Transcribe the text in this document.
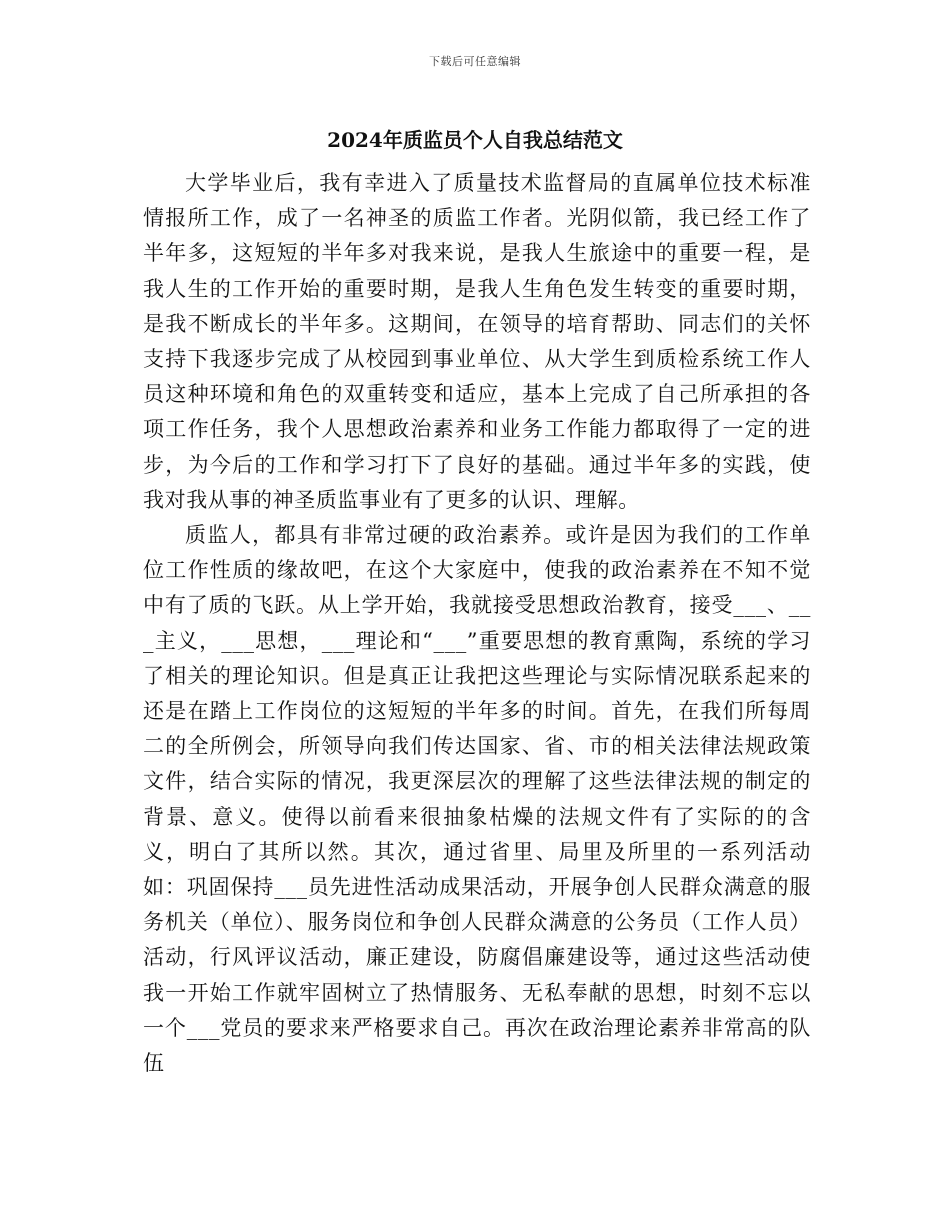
下载后可任意编辑
2024年质监员个人自我总结范文

大学毕业后，我有幸进入了质量技术监督局的直属单位技术标准情报所工作，成了一名神圣的质监工作者。光阴似箭，我已经工作了半年多，这短短的半年多对我来说，是我人生旅途中的重要一程，是我人生的工作开始的重要时期，是我人生角色发生转变的重要时期，是我不断成长的半年多。这期间，在领导的培育帮助、同志们的关怀支持下我逐步完成了从校园到事业单位、从大学生到质检系统工作人员这种环境和角色的双重转变和适应，基本上完成了自己所承担的各项工作任务，我个人思想政治素养和业务工作能力都取得了一定的进步，为今后的工作和学习打下了良好的基础。通过半年多的实践，使我对我从事的神圣质监事业有了更多的认识、理解。

质监人，都具有非常过硬的政治素养。或许是因为我们的工作单位工作性质的缘故吧，在这个大家庭中，使我的政治素养在不知不觉中有了质的飞跃。从上学开始，我就接受思想政治教育，接受___、___主义，___思想，___理论和“___”重要思想的教育熏陶，系统的学习了相关的理论知识。但是真正让我把这些理论与实际情况联系起来的还是在踏上工作岗位的这短短的半年多的时间。首先，在我们所每周二的全所例会，所领导向我们传达国家、省、市的相关法律法规政策文件，结合实际的情况，我更深层次的理解了这些法律法规的制定的背景、意义。使得以前看来很抽象枯燥的法规文件有了实际的的含义，明白了其所以然。其次，通过省里、局里及所里的一系列活动如：巩固保持___员先进性活动成果活动，开展争创人民群众满意的服务机关（单位）、服务岗位和争创人民群众满意的公务员（工作人员）活动，行风评议活动，廉正建设，防腐倡廉建设等，通过这些活动使我一开始工作就牢固树立了热情服务、无私奉献的思想，时刻不忘以一个___党员的要求来严格要求自己。再次在政治理论素养非常高的队伍
